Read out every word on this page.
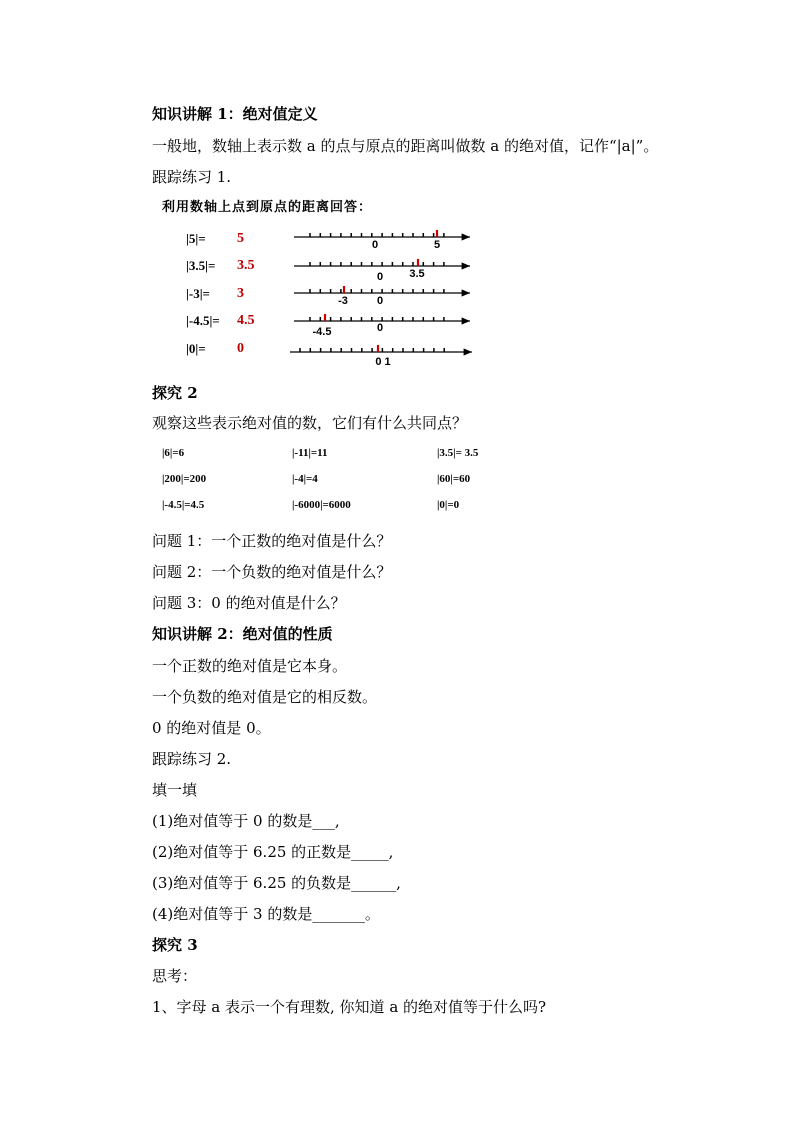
知识讲解 1：绝对值定义
一般地，数轴上表示数 a 的点与原点的距离叫做数 a 的绝对值，记作“|a|”。
跟踪练习 1.
利用数轴上点到原点的距离回答：
|5|= 5
|3.5|= 3.5
|-3|= 3
|-4.5|= 4.5
|0|= 0
0	5
0 3.5
-3	0
-4.5	0
0 1
探究 2
观察这些表示绝对值的数，它们有什么共同点？
|6|=6	|-11|=11	|3.5|= 3.5
|200|=200	|-4|=4	|60|=60
|-4.5|=4.5	|-6000|=6000	|0|=0
问题 1：一个正数的绝对值是什么？
问题 2：一个负数的绝对值是什么？
问题 3：0 的绝对值是什么？
知识讲解 2：绝对值的性质
一个正数的绝对值是它本身。
一个负数的绝对值是它的相反数。
0 的绝对值是 0。
跟踪练习 2.
填一填
(1)绝对值等于 0 的数是___,
(2)绝对值等于 6.25 的正数是_____,
(3)绝对值等于 6.25 的负数是______,
(4)绝对值等于 3 的数是_______。
探究 3
思考：
1、字母 a 表示一个有理数, 你知道 a 的绝对值等于什么吗?
